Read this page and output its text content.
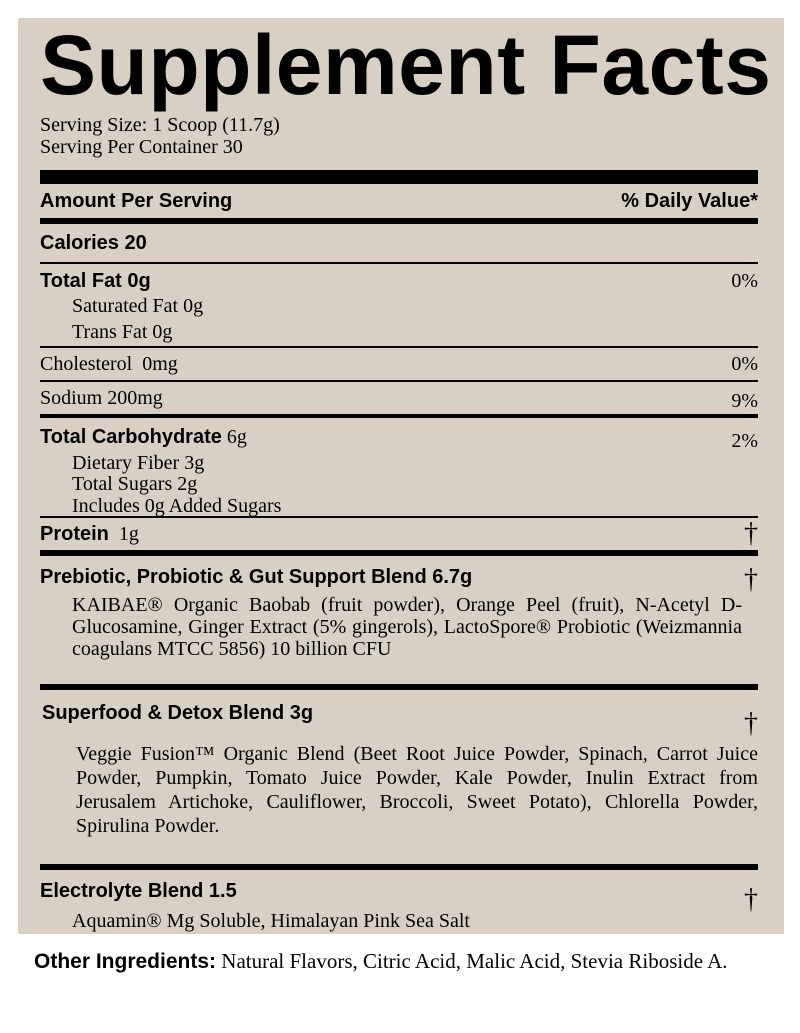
Supplement Facts
Serving Size: 1 Scoop (11.7g)
Serving Per Container 30
Amount Per Serving	% Daily Value*
Calories 20
Total Fat 0g	0%
Saturated Fat 0g
Trans Fat 0g
Cholesterol  0mg	0%
Sodium 200mg	9%
Total Carbohydrate 6g	2%
Dietary Fiber 3g
Total Sugars 2g
Includes 0g Added Sugars
Protein  1g	†
Prebiotic, Probiotic & Gut Support Blend 6.7g	†
KAIBAE® Organic Baobab (fruit powder), Orange Peel (fruit), N-Acetyl D-Glucosamine, Ginger Extract (5% gingerols), LactoSpore® Probiotic (Weizmannia coagulans MTCC 5856) 10 billion CFU
Superfood & Detox Blend 3g	†
Veggie Fusion™ Organic Blend (Beet Root Juice Powder, Spinach, Carrot Juice Powder, Pumpkin, Tomato Juice Powder, Kale Powder, Inulin Extract from Jerusalem Artichoke, Cauliflower, Broccoli, Sweet Potato), Chlorella Powder, Spirulina Powder.
Electrolyte Blend 1.5	†
Aquamin® Mg Soluble, Himalayan Pink Sea Salt
Other Ingredients: Natural Flavors, Citric Acid, Malic Acid, Stevia Riboside A.
